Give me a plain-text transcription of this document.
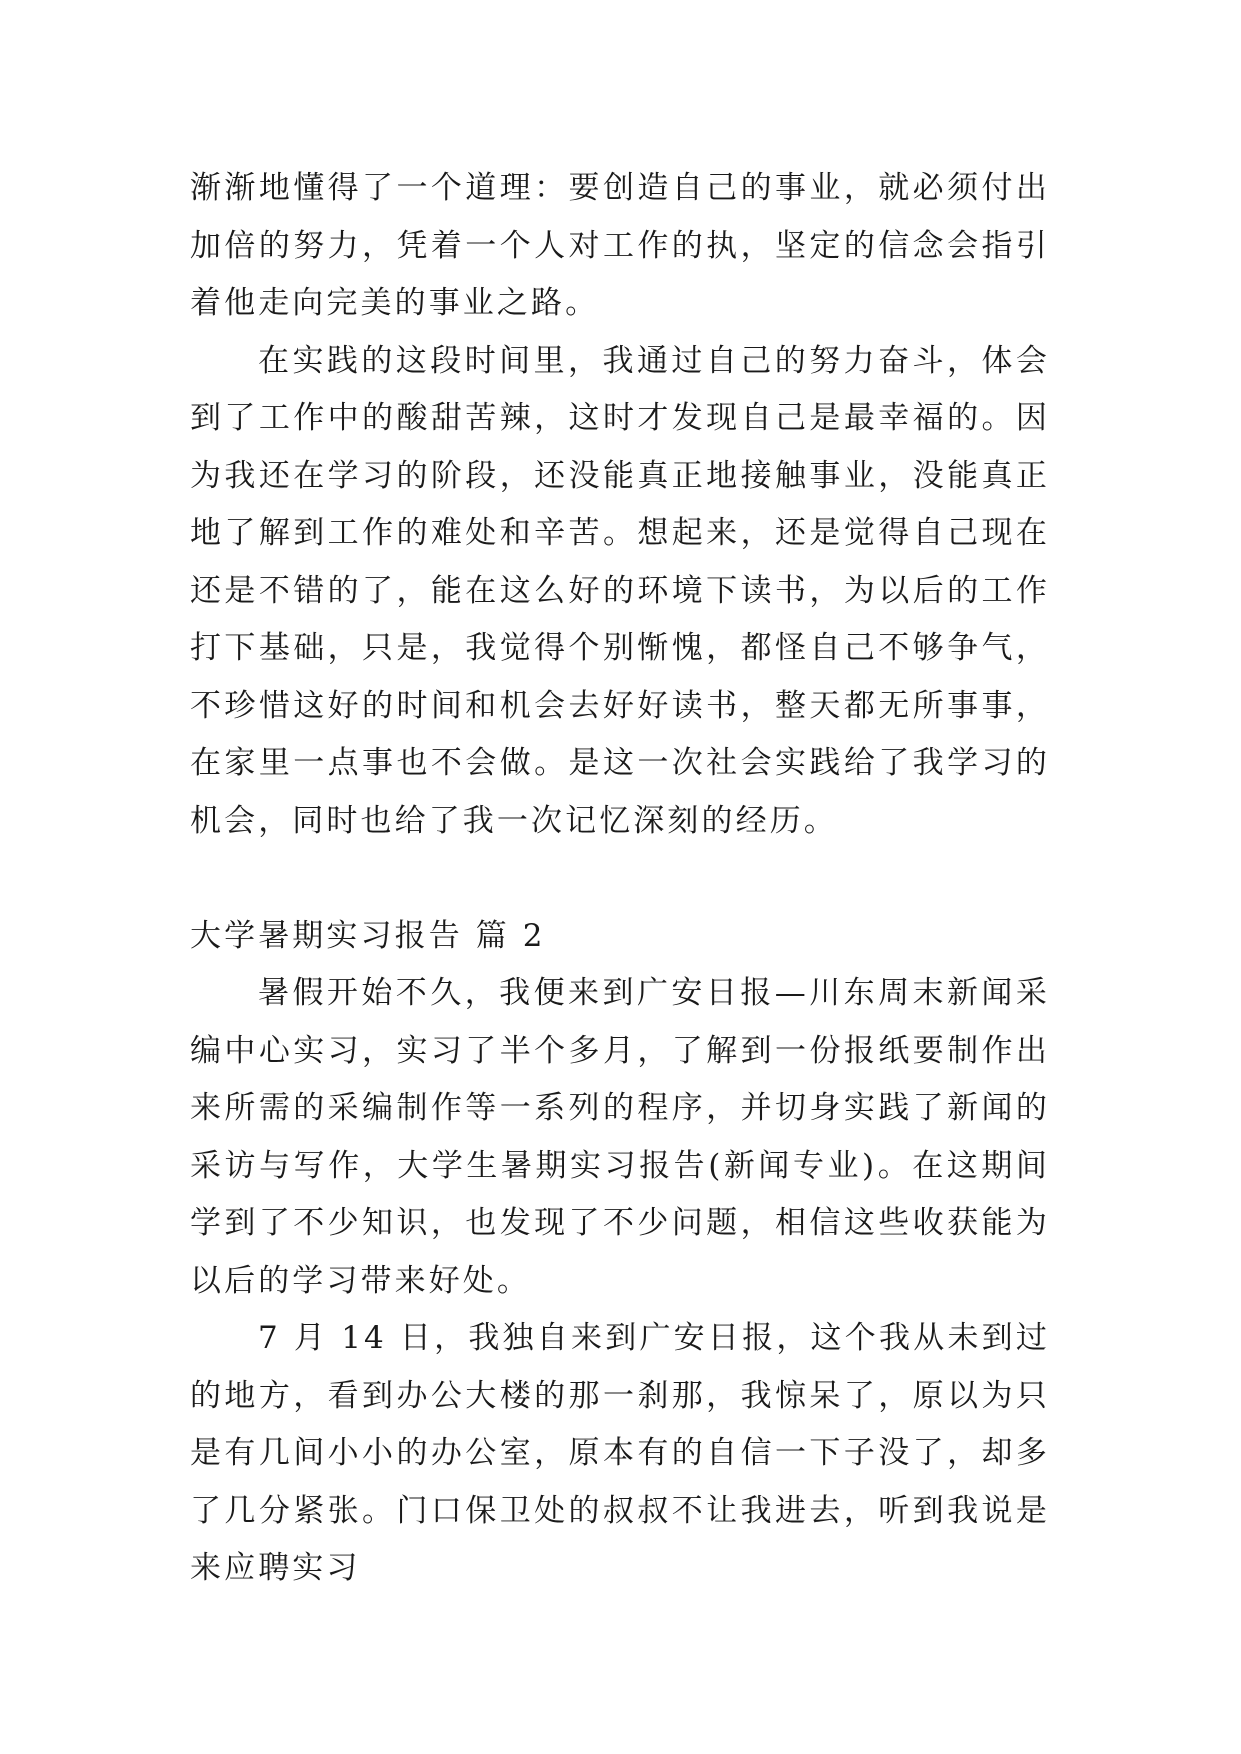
渐渐地懂得了一个道理：要创造自己的事业，就必须付出加倍的努力，凭着一个人对工作的执，坚定的信念会指引着他走向完美的事业之路。

在实践的这段时间里，我通过自己的努力奋斗，体会到了工作中的酸甜苦辣，这时才发现自己是最幸福的。因为我还在学习的阶段，还没能真正地接触事业，没能真正地了解到工作的难处和辛苦。想起来，还是觉得自己现在还是不错的了，能在这么好的环境下读书，为以后的工作打下基础，只是，我觉得个别惭愧，都怪自己不够争气，不珍惜这好的时间和机会去好好读书，整天都无所事事，在家里一点事也不会做。是这一次社会实践给了我学习的机会，同时也给了我一次记忆深刻的经历。

大学暑期实习报告 篇 2

暑假开始不久，我便来到广安日报—川东周末新闻采编中心实习，实习了半个多月，了解到一份报纸要制作出来所需的采编制作等一系列的程序，并切身实践了新闻的采访与写作，大学生暑期实习报告(新闻专业)。在这期间学到了不少知识，也发现了不少问题，相信这些收获能为以后的学习带来好处。

7 月 14 日，我独自来到广安日报，这个我从未到过的地方，看到办公大楼的那一刹那，我惊呆了，原以为只是有几间小小的办公室，原本有的自信一下子没了，却多了几分紧张。门口保卫处的叔叔不让我进去，听到我说是来应聘实习
